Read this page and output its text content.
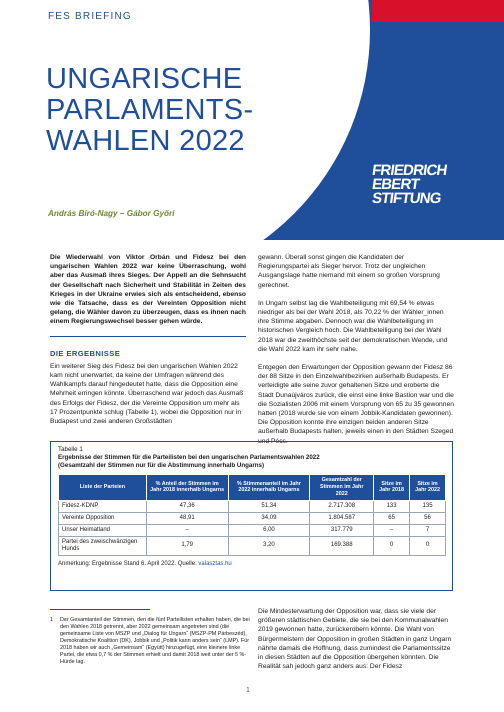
FES BRIEFING
UNGARISCHE
PARLAMENTS-
WAHLEN 2022
András Bíró-Nagy – Gábor Győri
FRIEDRICH
EBERT
STIFTUNG

Die Wiederwahl von Viktor Orbán und Fidesz bei den ungarischen Wahlen 2022 war keine Überraschung, wohl aber das Ausmaß ihres Sieges. Der Appell an die Sehnsucht der Gesellschaft nach Sicherheit und Stabilität in Zeiten des Krieges in der Ukraine erwies sich als entscheidend, ebenso wie die Tatsache, dass es der Vereinten Opposition nicht gelang, die Wähler davon zu überzeugen, dass es ihnen nach einem Regierungswechsel besser gehen würde.

DIE ERGEBNISSE

Ein weiterer Sieg des Fidesz bei den ungarischen Wahlen 2022 kam nicht unerwartet, da keine der Umfragen während des Wahlkampfs darauf hingedeutet hatte, dass die Opposition eine Mehrheit erringen könnte. Überraschend war jedoch das Ausmaß des Erfolgs der Fidesz, der die Vereinte Opposition um mehr als 17 Prozentpunkte schlug (Tabelle 1), wobei die Opposition nur in Budapest und zwei anderen Großstädten

gewann. Überall sonst gingen die Kandidaten der Regierungspartei als Sieger hervor. Trotz der ungleichen Ausgangslage hatte niemand mit einem so großen Vorsprung gerechnet.

In Ungarn selbst lag die Wahlbeteiligung mit 69,54 % etwas niedriger als bei der Wahl 2018, als 70,22 % der Wähler_innen ihre Stimme abgaben. Dennoch war die Wahlbeteiligung im historischen Vergleich hoch. Die Wahlbeteiligung bei der Wahl 2018 war die zweithöchste seit der demokratischen Wende, und die Wahl 2022 kam ihr sehr nahe.

Entgegen den Erwartungen der Opposition gewann der Fidesz 86 der 88 Sitze in den Einzelwahlbezirken außerhalb Budapests. Er verteidigte alle seine zuvor gehaltenen Sitze und eroberte die Stadt Dunaújváros zurück, die einst eine linke Bastion war und die die Sozialisten 2006 mit einem Vorsprung von 65 zu 35 gewonnen hatten (2018 wurde sie von einem Jobbik-Kandidaten gewonnen). Die Opposition konnte ihre einzigen beiden anderen Sitze außerhalb Budapests halten, jeweils einen in den Städten Szeged und Pécs.

Tabelle 1
Ergebnisse der Stimmen für die Parteilisten bei den ungarischen Parlamentswahlen 2022
(Gesamtzahl der Stimmen nur für die Abstimmung innerhalb Ungarns)
Liste der Parteien	% Anteil der Stimmen im Jahr 2018 innerhalb Ungarns	% Stimmenanteil im Jahr 2022 innerhalb Ungarns	Gesamtzahl der Stimmen im Jahr 2022	Sitze im Jahr 2018	Sitze im Jahr 2022
Fidesz-KDNP	47,36	51,34	2.717.308	133	135
Vereinte Opposition	48,91	34,09	1.804.587	65	56
Unser Heimatland	–	6,00	317.779	–	7
Partei des zweischwänzigen Hunds	1,79	3,20	169.388	0	0
Anmerkung: Ergebnisse Stand 6. April 2022. Quelle: valasztas.hu
1	Der Gesamtanteil der Stimmen, den die fünf Parteilisten erhalten haben, die bei den Wahlen 2018 getrennt, aber 2022 gemeinsam angetreten sind (die gemeinsame Liste von MSZP und „Dialog für Ungarn“ (MSZP-PM Párbeszéd), Demokratische Koalition (DK), Jobbik und „Politik kann anders sein“ (LMP). Für 2018 haben wir auch „Gemeinsam“ (Együtt) hinzugefügt, eine kleinere linke Partei, die etwa 0,7 % der Stimmen erhielt und damit 2018 weit unter der 5 %-Hürde lag.

Die Mindesterwartung der Opposition war, dass sie viele der größeren städtischen Gebiete, die sie bei den Kommunalwahlen 2019 gewonnen hatte, zurückerobern könnte. Die Wahl von Bürgermeistern der Opposition in großen Städten in ganz Ungarn nährte damals die Hoffnung, dass zumindest die Parlamentssitze in diesen Städten auf die Opposition übergehen könnten. Die Realität sah jedoch ganz anders aus: Der Fidesz

1
